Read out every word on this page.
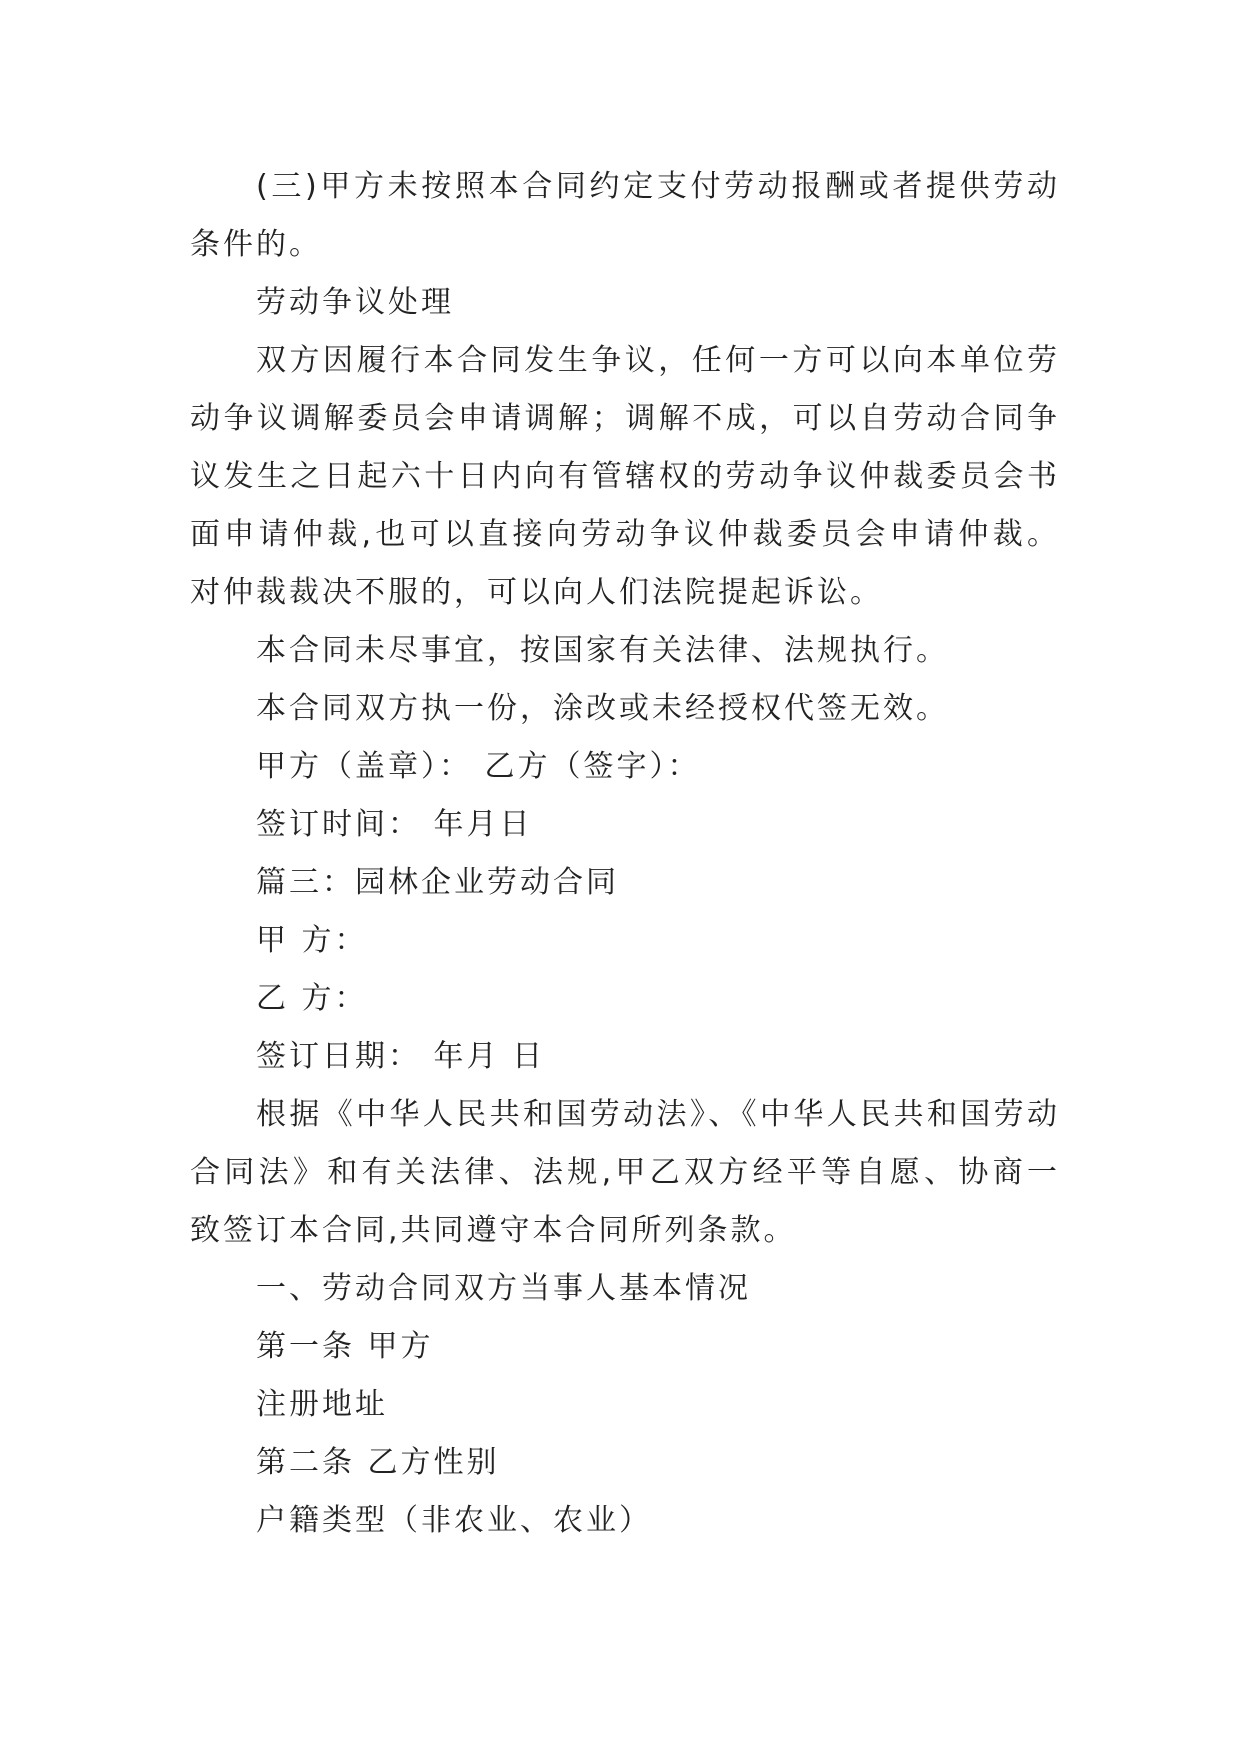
(三)甲方未按照本合同约定支付劳动报酬或者提供劳动条件的。

劳动争议处理

双方因履行本合同发生争议，任何一方可以向本单位劳动争议调解委员会申请调解；调解不成，可以自劳动合同争议发生之日起六十日内向有管辖权的劳动争议仲裁委员会书面申请仲裁,也可以直接向劳动争议仲裁委员会申请仲裁。对仲裁裁决不服的，可以向人们法院提起诉讼。

本合同未尽事宜，按国家有关法律、法规执行。

本合同双方执一份，涂改或未经授权代签无效。

甲方（盖章）： 乙方（签字）：

签订时间： 年月日

篇三：园林企业劳动合同

甲 方：

乙 方：

签订日期： 年月 日

根据《中华人民共和国劳动法》、《中华人民共和国劳动合同法》和有关法律、法规,甲乙双方经平等自愿、协商一致签订本合同,共同遵守本合同所列条款。

一、劳动合同双方当事人基本情况

第一条 甲方

注册地址

第二条 乙方性别

户籍类型（非农业、农业）
